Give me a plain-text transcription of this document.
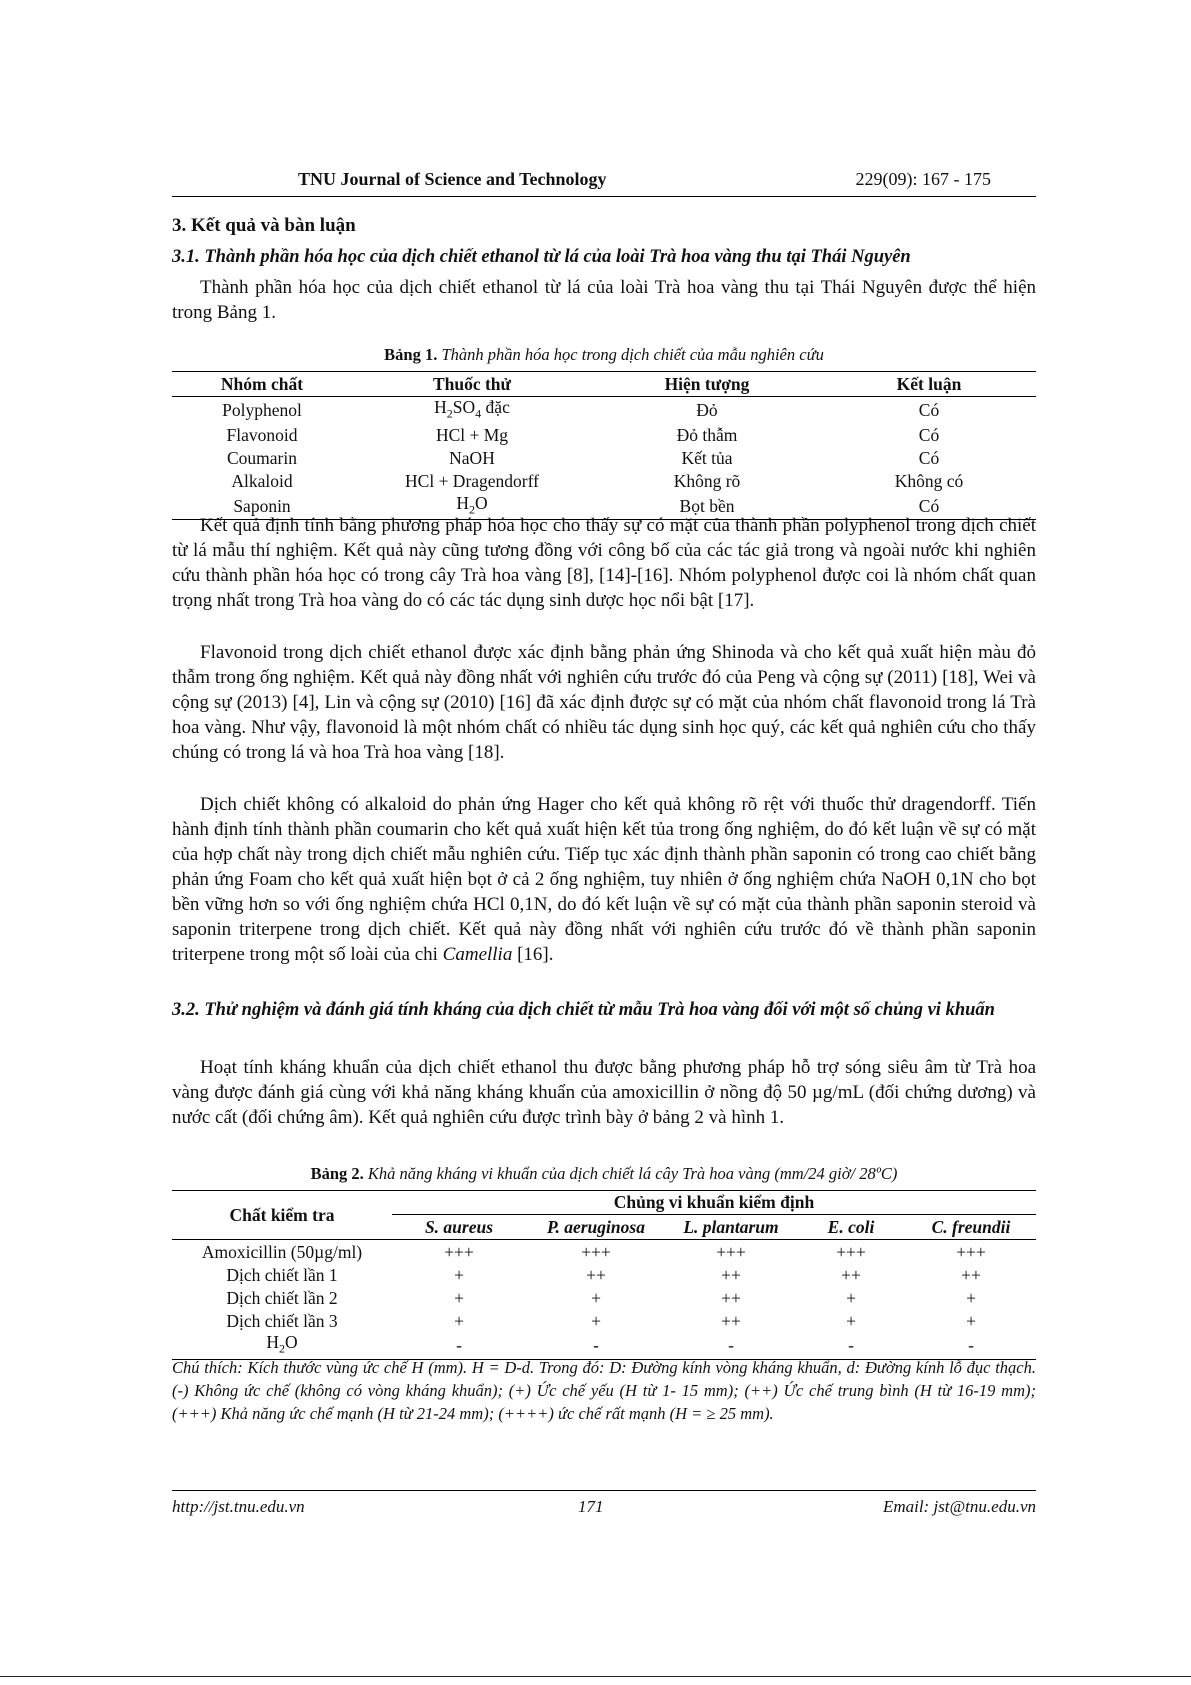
TNU Journal of Science and Technology	229(09): 167 - 175
3. Kết quả và bàn luận
3.1. Thành phần hóa học của dịch chiết ethanol từ lá của loài Trà hoa vàng thu tại Thái Nguyên
Thành phần hóa học của dịch chiết ethanol từ lá của loài Trà hoa vàng thu tại Thái Nguyên được thể hiện trong Bảng 1.
Bảng 1. Thành phần hóa học trong dịch chiết của mẫu nghiên cứu
Nhóm chất	Thuốc thử	Hiện tượng	Kết luận
Polyphenol	$H_2SO_4$ đặc	Đỏ	Có
Flavonoid	HCl + Mg	Đỏ thẫm	Có
Coumarin	NaOH	Kết tủa	Có
Alkaloid	HCl + Dragendorff	Không rõ	Không có
Saponin	$H_2O$	Bọt bền	Có
Kết quả định tính bằng phương pháp hóa học cho thấy sự có mặt của thành phần polyphenol trong dịch chiết từ lá mẫu thí nghiệm. Kết quả này cũng tương đồng với công bố của các tác giả trong và ngoài nước khi nghiên cứu thành phần hóa học có trong cây Trà hoa vàng [8], [14]-[16]. Nhóm polyphenol được coi là nhóm chất quan trọng nhất trong Trà hoa vàng do có các tác dụng sinh dược học nổi bật [17].
Flavonoid trong dịch chiết ethanol được xác định bằng phản ứng Shinoda và cho kết quả xuất hiện màu đỏ thẫm trong ống nghiệm. Kết quả này đồng nhất với nghiên cứu trước đó của Peng và cộng sự (2011) [18], Wei và cộng sự (2013) [4], Lin và cộng sự (2010) [16] đã xác định được sự có mặt của nhóm chất flavonoid trong lá Trà hoa vàng. Như vậy, flavonoid là một nhóm chất có nhiều tác dụng sinh học quý, các kết quả nghiên cứu cho thấy chúng có trong lá và hoa Trà hoa vàng [18].
Dịch chiết không có alkaloid do phản ứng Hager cho kết quả không rõ rệt với thuốc thử dragendorff. Tiến hành định tính thành phần coumarin cho kết quả xuất hiện kết tủa trong ống nghiệm, do đó kết luận về sự có mặt của hợp chất này trong dịch chiết mẫu nghiên cứu. Tiếp tục xác định thành phần saponin có trong cao chiết bằng phản ứng Foam cho kết quả xuất hiện bọt ở cả 2 ống nghiệm, tuy nhiên ở ống nghiệm chứa NaOH 0,1N cho bọt bền vững hơn so với ống nghiệm chứa HCl 0,1N, do đó kết luận về sự có mặt của thành phần saponin steroid và saponin triterpene trong dịch chiết. Kết quả này đồng nhất với nghiên cứu trước đó về thành phần saponin triterpene trong một số loài của chi Camellia [16].
3.2. Thử nghiệm và đánh giá tính kháng của dịch chiết từ mẫu Trà hoa vàng đối với một số chủng vi khuẩn
Hoạt tính kháng khuẩn của dịch chiết ethanol thu được bằng phương pháp hỗ trợ sóng siêu âm từ Trà hoa vàng được đánh giá cùng với khả năng kháng khuẩn của amoxicillin ở nồng độ 50 µg/mL (đối chứng dương) và nước cất (đối chứng âm). Kết quả nghiên cứu được trình bày ở bảng 2 và hình 1.
Bảng 2. Khả năng kháng vi khuẩn của dịch chiết lá cây Trà hoa vàng (mm/24 giờ/ 28ºC)
Chất kiểm tra	Chủng vi khuẩn kiểm định				
	S. aureus	P. aeruginosa	L. plantarum	E. coli	C. freundii
Amoxicillin (50µg/ml)	+++	+++	+++	+++	+++
Dịch chiết lần 1	+	++	++	++	++
Dịch chiết lần 2	+	+	++	+	+
Dịch chiết lần 3	+	+	++	+	+
$H_2O$	-	-	-	-	-
Chú thích: Kích thước vùng ức chế H (mm). H = D-d. Trong đó: D: Đường kính vòng kháng khuẩn, d: Đường kính lỗ đục thạch.(-) Không ức chế (không có vòng kháng khuẩn); (+) Ức chế yếu (H từ 1- 15 mm); (++) Ức chế trung bình (H từ 16-19 mm); (+++) Khả năng ức chế mạnh (H từ 21-24 mm); (++++) ức chế rất mạnh (H = ≥ 25 mm).
http://jst.tnu.edu.vn	171	Email: jst@tnu.edu.vn
